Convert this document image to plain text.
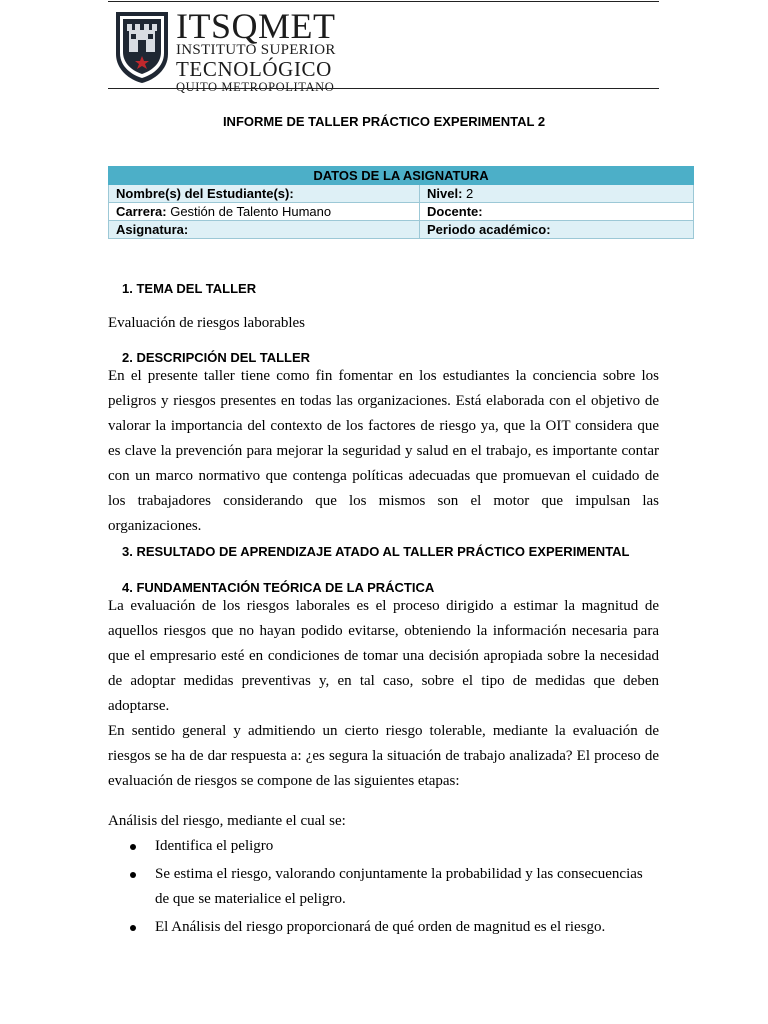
ITSQMET
INSTITUTO SUPERIOR
TECNOLÓGICO
QUITO METROPOLITANO
INFORME DE TALLER PRÁCTICO EXPERIMENTAL 2
DATOS DE LA ASIGNATURA	
Nombre(s) del Estudiante(s):	Nivel: 2
Carrera: Gestión de Talento Humano	Docente:
Asignatura:	Periodo académico:
1. TEMA DEL TALLER
Evaluación de riesgos laborables
2. DESCRIPCIÓN DEL TALLER
En el presente taller tiene como fin fomentar en los estudiantes la conciencia sobre los peligros y riesgos presentes en todas las organizaciones. Está elaborada con el objetivo de valorar la importancia del contexto de los factores de riesgo ya, que la OIT considera que es clave la prevención para mejorar la seguridad y salud en el trabajo, es importante contar con un marco normativo que contenga políticas adecuadas que promuevan el cuidado de los trabajadores considerando que los mismos son el motor que impulsan las organizaciones.
3. RESULTADO DE APRENDIZAJE ATADO AL TALLER PRÁCTICO EXPERIMENTAL
4. FUNDAMENTACIÓN TEÓRICA DE LA PRÁCTICA
La evaluación de los riesgos laborales es el proceso dirigido a estimar la magnitud de aquellos riesgos que no hayan podido evitarse, obteniendo la información necesaria para que el empresario esté en condiciones de tomar una decisión apropiada sobre la necesidad de adoptar medidas preventivas y, en tal caso, sobre el tipo de medidas que deben adoptarse.
En sentido general y admitiendo un cierto riesgo tolerable, mediante la evaluación de riesgos se ha de dar respuesta a: ¿es segura la situación de trabajo analizada? El proceso de evaluación de riesgos se compone de las siguientes etapas:
Análisis del riesgo, mediante el cual se:
Identifica el peligro
Se estima el riesgo, valorando conjuntamente la probabilidad y las consecuencias de que se materialice el peligro.
El Análisis del riesgo proporcionará de qué orden de magnitud es el riesgo.
